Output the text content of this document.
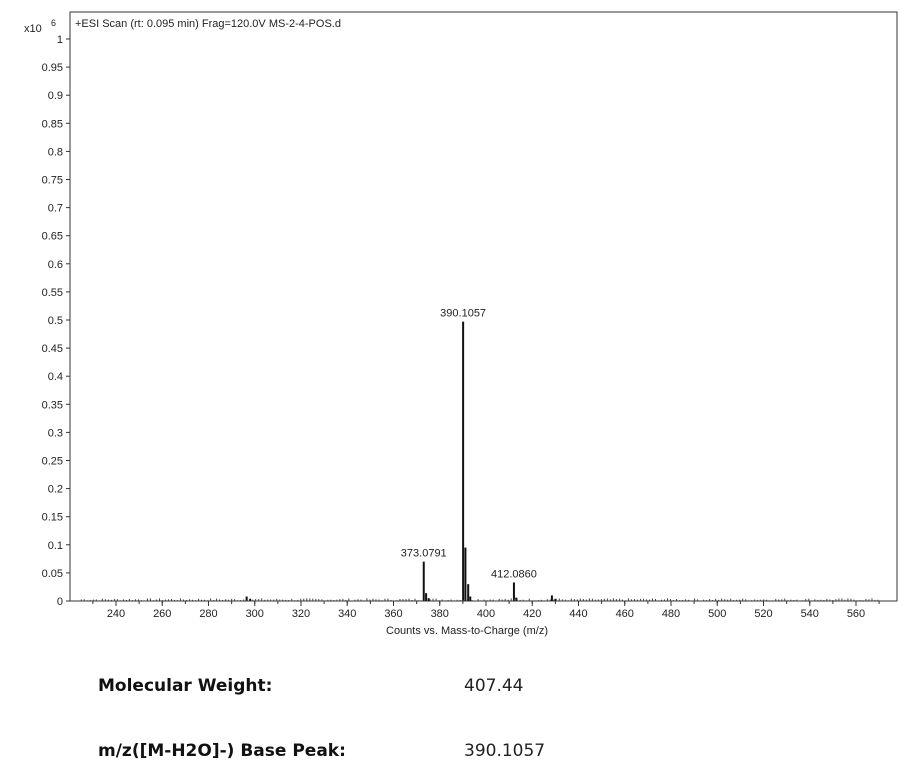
+ESI Scan (rt: 0.095 min) Frag=120.0V MS-2-4-POS.d
x10 6
0
0.05
0.1
0.15
0.2
0.25
0.3
0.35
0.4
0.45
0.5
0.55
0.6
0.65
0.7
0.75
0.8
0.85
0.9
0.95
1
240	260	280	300	320	340	360	380	400	420	440	460	480	500	520	540	560
373.0791
390.1057
412.0860
Counts vs. Mass-to-Charge (m/z)
Molecular Weight:	407.44
m/z([M-H2O]-) Base Peak:	390.1057
